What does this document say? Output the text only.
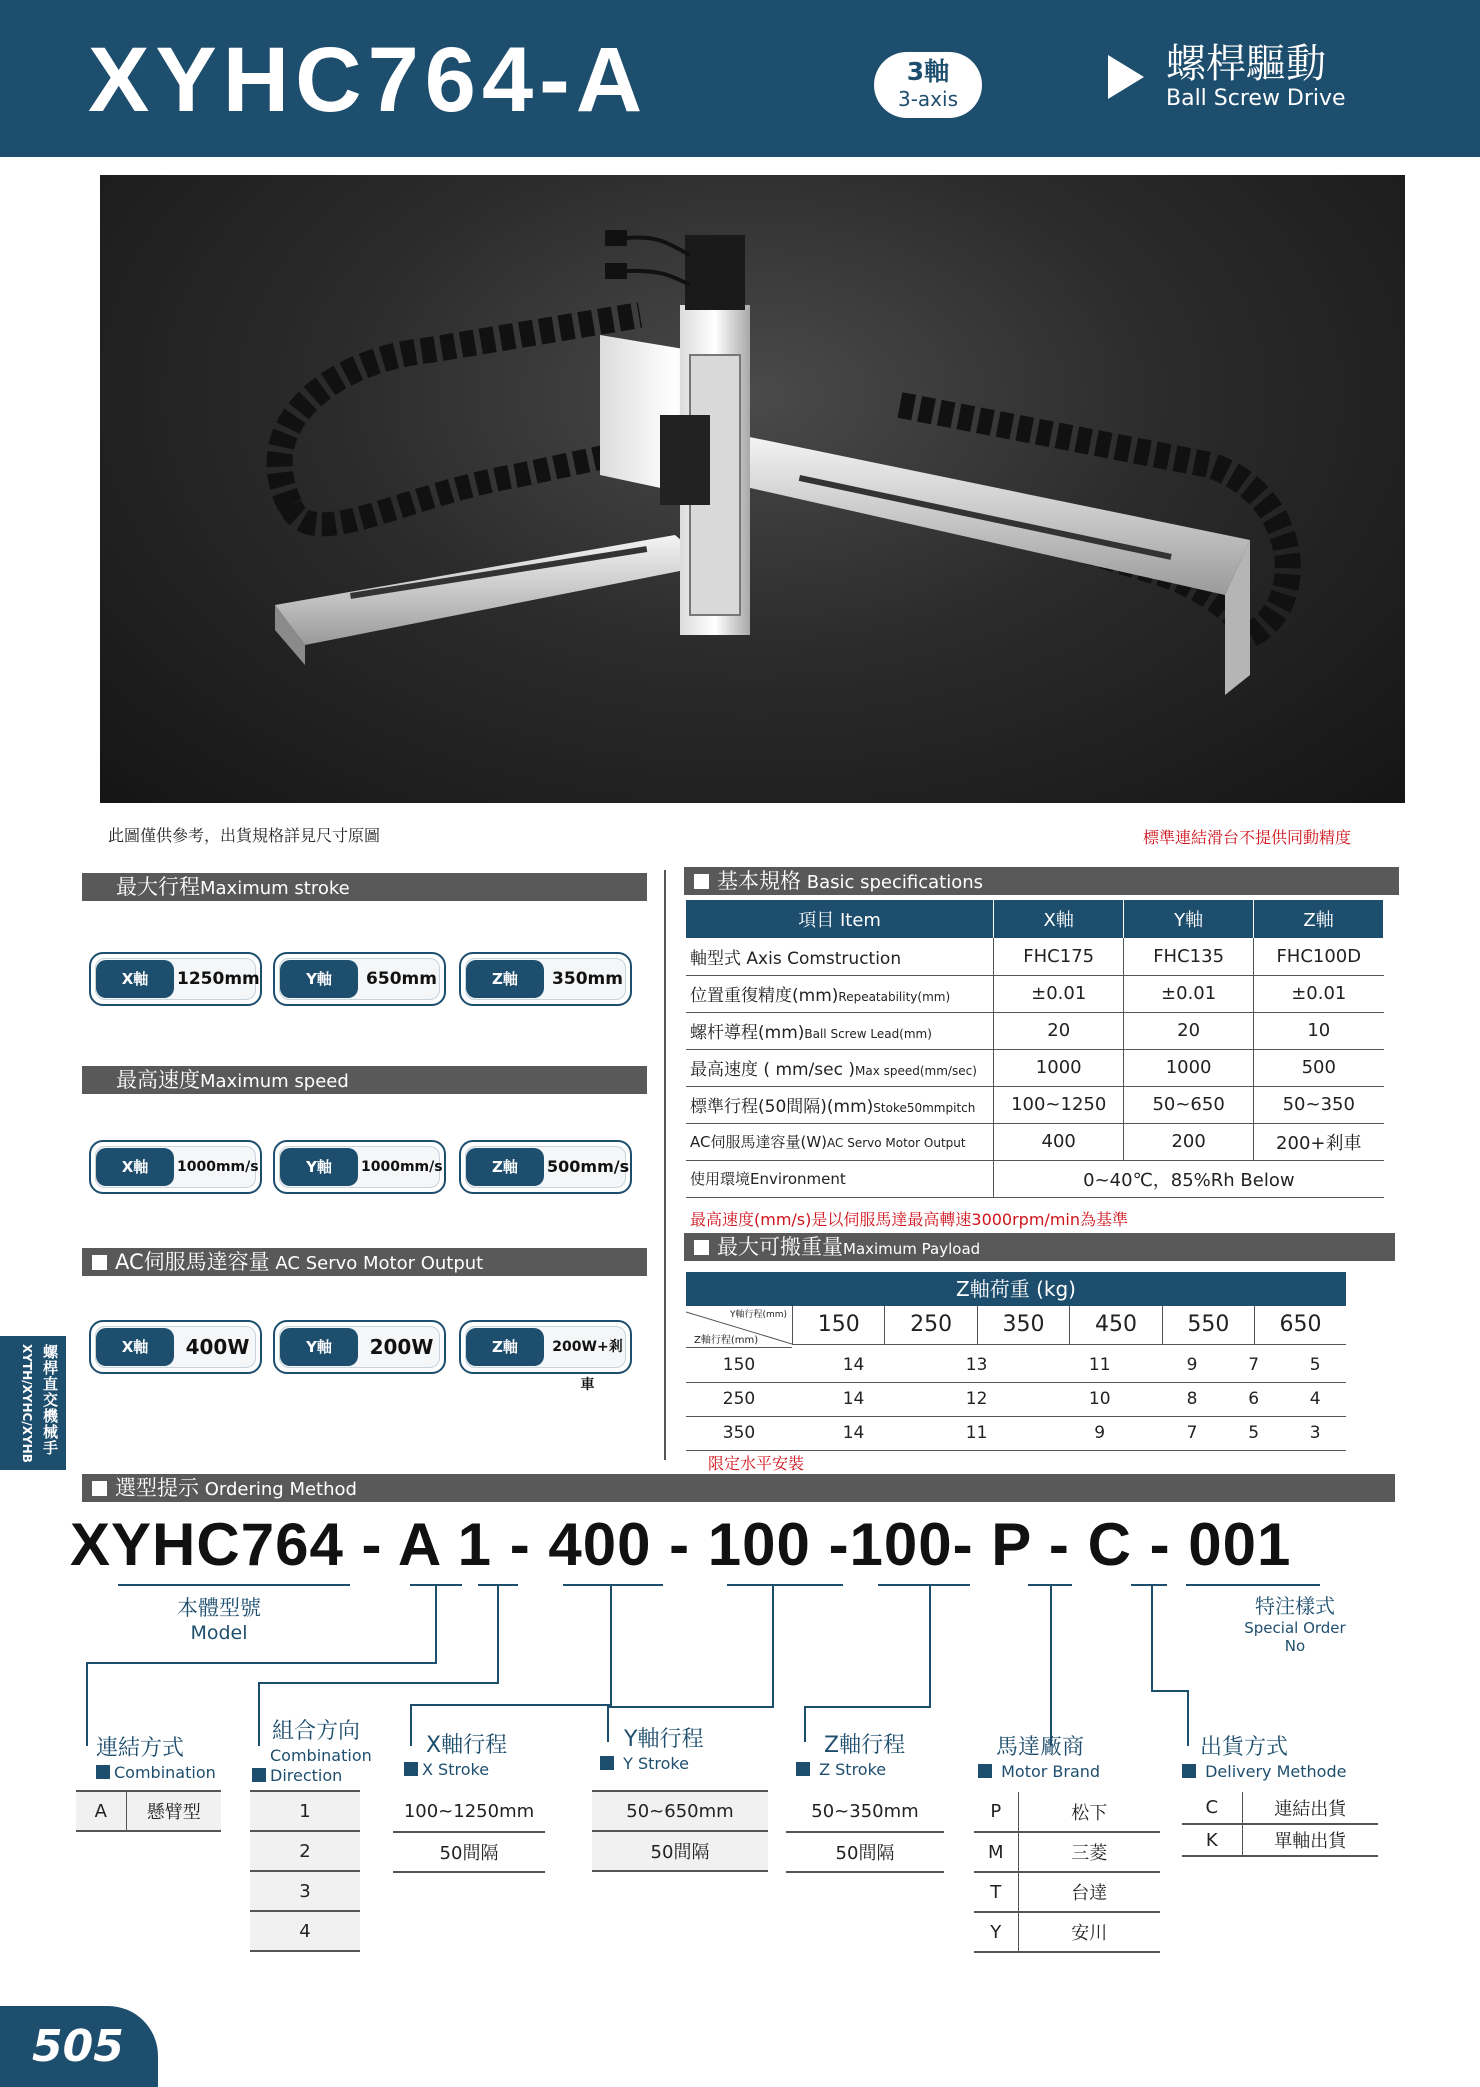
XYHC764-A	3軸
3-axis
螺桿驅動
Ball Screw Drive
此圖僅供參考，出貨規格詳見尺寸原圖	標準連結滑台不提供同動精度
最大行程Maximum stroke
X軸	1250mm	Y軸	650mm	Z軸	350mm
最高速度Maximum speed
X軸	1000mm/s	Y軸	1000mm/s	Z軸	500mm/s
AC伺服馬達容量 AC Servo Motor Output
X軸	400W	Y軸	200W	Z軸	200W+剎車
螺桿直交機械手
XYTH/XYHC/XYHB
基本規格 Basic specifications
項目 Item	X軸	Y軸	Z軸
軸型式 Axis Comstruction	FHC175	FHC135	FHC100D
位置重復精度(mm)Repeatability(mm)	±0.01	±0.01	±0.01
螺杆導程(mm)Ball Screw Lead(mm)	20	20	10
最高速度 ( mm/sec )Max speed(mm/sec)	1000	1000	500
標準行程(50間隔)(mm)Stoke50mmpitch	100~1250	50~650	50~350
AC伺服馬達容量(W)AC Servo Motor Output	400	200	200+剎車
使用環境Environment	0~40℃，85%Rh Below		
最高速度(mm/s)是以伺服馬達最高轉速3000rpm/min為基準
最大可搬重量Maximum Payload
Z軸荷重 (kg)
Y軸行程(mm)
Z軸行程(mm)
150	250	350	450	550	650
150	14	13	11	9	7	5
250	14	12	10	8	6	4
350	14	11	9	7	5	3
限定水平安裝
選型提示 Ordering Method
XYHC764 - A 1 - 400 - 100 -100- P - C - 001
本體型號
Model
特注樣式
Special Order No
連結方式
Combination
A	懸臂型
組合方向
Combination
Direction
1
2
3
4
X軸行程
X Stroke
100~1250mm
50間隔
Y軸行程
Y Stroke
50~650mm
50間隔
Z軸行程
Z Stroke
50~350mm
50間隔
馬達廠商
Motor Brand
P	松下
M	三菱
T	台達
Y	安川
出貨方式
Delivery Methode
C	連結出貨
K	單軸出貨
505
